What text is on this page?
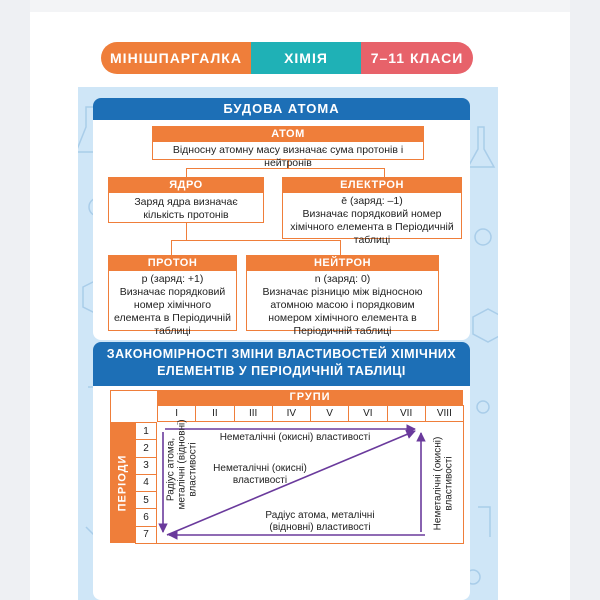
МІНІШПАРГАЛКА	ХІМІЯ	7–11 КЛАСИ
БУДОВА АТОМА
АТОМ
Відносну атомну масу визначає сума протонів і нейтронів
ЯДРО
Заряд ядра визначає кількість протонів
ЕЛЕКТРОН
ē (заряд: –1)
Визначає порядковий номер хімічного елемента в Періодичній таблиці
ПРОТОН
p (заряд: +1)
Визначає порядковий номер хімічного елемента в Періодичній таблиці
НЕЙТРОН
n (заряд: 0)
Визначає різницю між відносною атомною масою і порядковим номером хімічного елемента в Періодичній таблиці
ЗАКОНОМІРНОСТІ ЗМІНИ ВЛАСТИВОСТЕЙ ХІМІЧНИХ
ЕЛЕМЕНТІВ У ПЕРІОДИЧНІЙ ТАБЛИЦІ
ГРУПИ
ПЕРІОДИ
I	II	III	IV	V	VI	VII	VIII
1
2
3
4
5
6
7
Неметалічні (окисні) властивості
Неметалічні (окисні)
властивості
Радіус атома, металічні
(відновні) властивості
Радіус атома, металічні (відновні) властивості	Неметалічні (окисні) властивості
